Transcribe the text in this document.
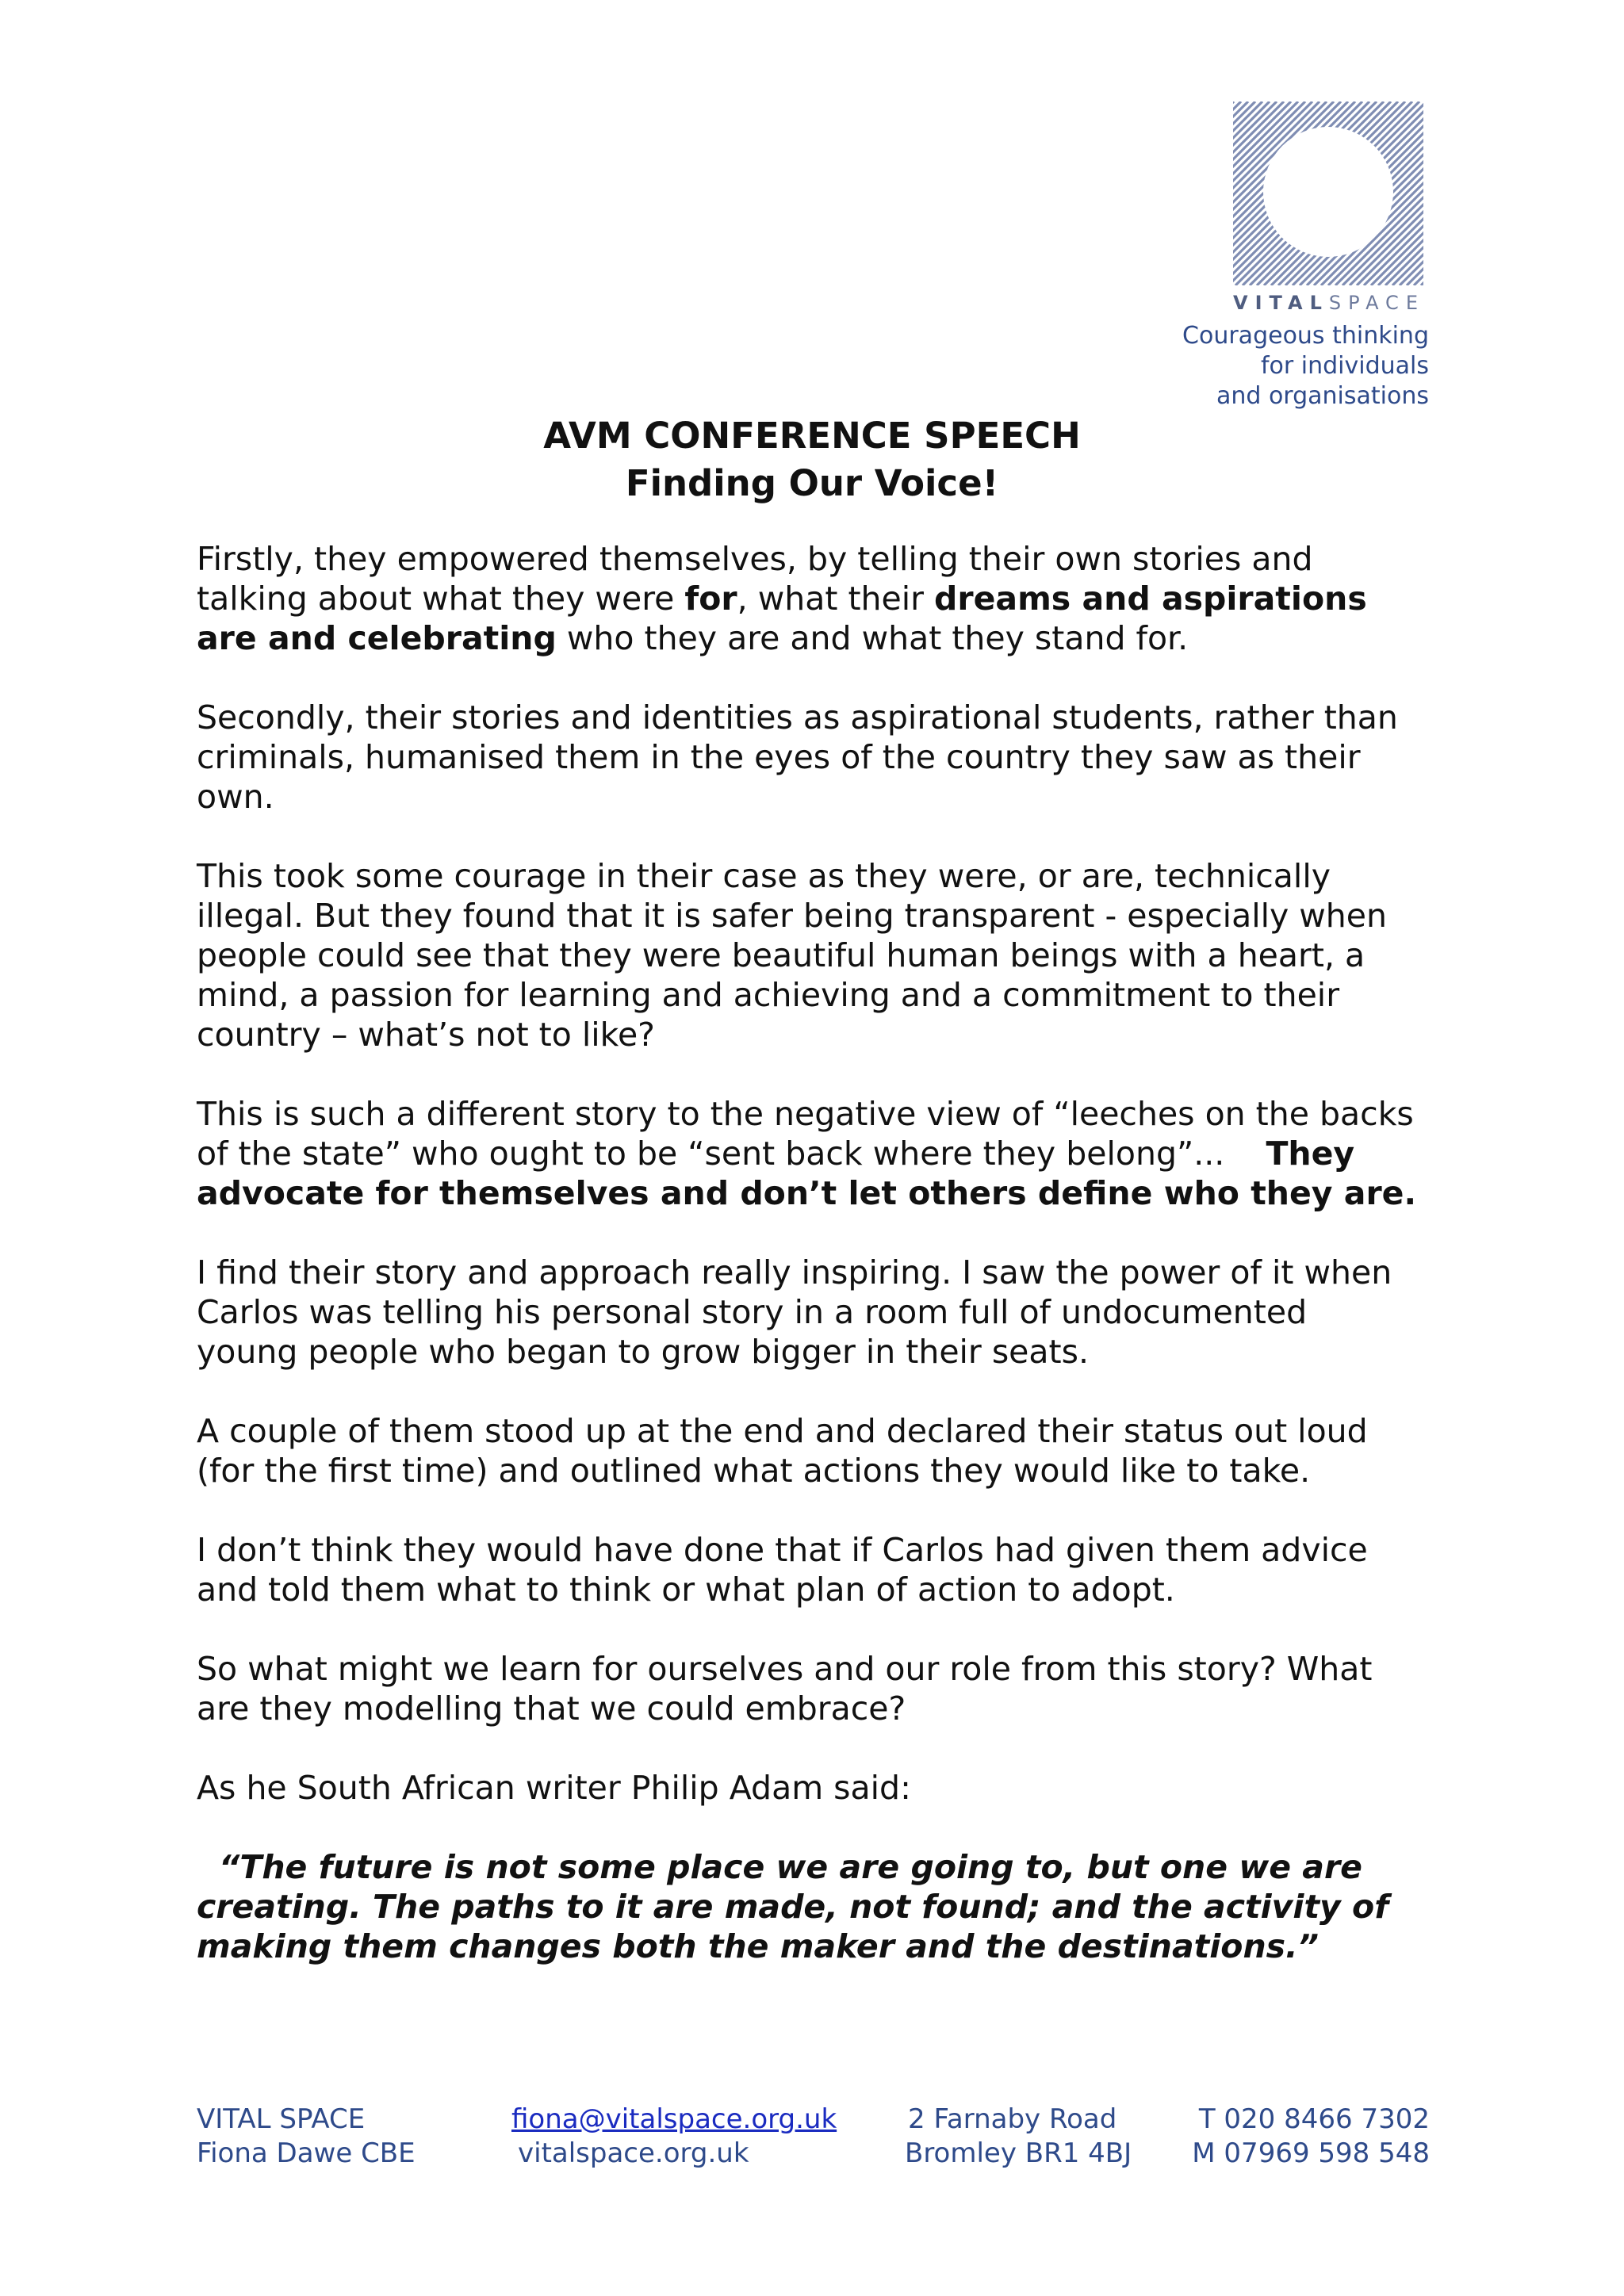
VITALSPACE
Courageous thinking
for individuals
and organisations
AVM CONFERENCE SPEECH
Finding Our Voice!

Firstly, they empowered themselves, by telling their own stories and
talking about what they were for, what their dreams and aspirations
are and celebrating who they are and what they stand for.

Secondly, their stories and identities as aspirational students, rather than
criminals, humanised them in the eyes of the country they saw as their
own.

This took some courage in their case as they were, or are, technically
illegal. But they found that it is safer being transparent - especially when
people could see that they were beautiful human beings with a heart, a
mind, a passion for learning and achieving and a commitment to their
country – what’s not to like?

This is such a different story to the negative view of “leeches on the backs
of the state” who ought to be “sent back where they belong”...    They
advocate for themselves and don’t let others define who they are.

I find their story and approach really inspiring. I saw the power of it when
Carlos was telling his personal story in a room full of undocumented
young people who began to grow bigger in their seats.

A couple of them stood up at the end and declared their status out loud
(for the first time) and outlined what actions they would like to take.

I don’t think they would have done that if Carlos had given them advice
and told them what to think or what plan of action to adopt.

So what might we learn for ourselves and our role from this story? What
are they modelling that we could embrace?

As he South African writer Philip Adam said:

“The future is not some place we are going to, but one we are
creating. The paths to it are made, not found; and the activity of
making them changes both the maker and the destinations.”

VITAL SPACE	fiona@vitalspace.org.uk	2 Farnaby Road	T 020 8466 7302
Fiona Dawe CBE	vitalspace.org.uk	Bromley BR1 4BJ M 07969 598 548
